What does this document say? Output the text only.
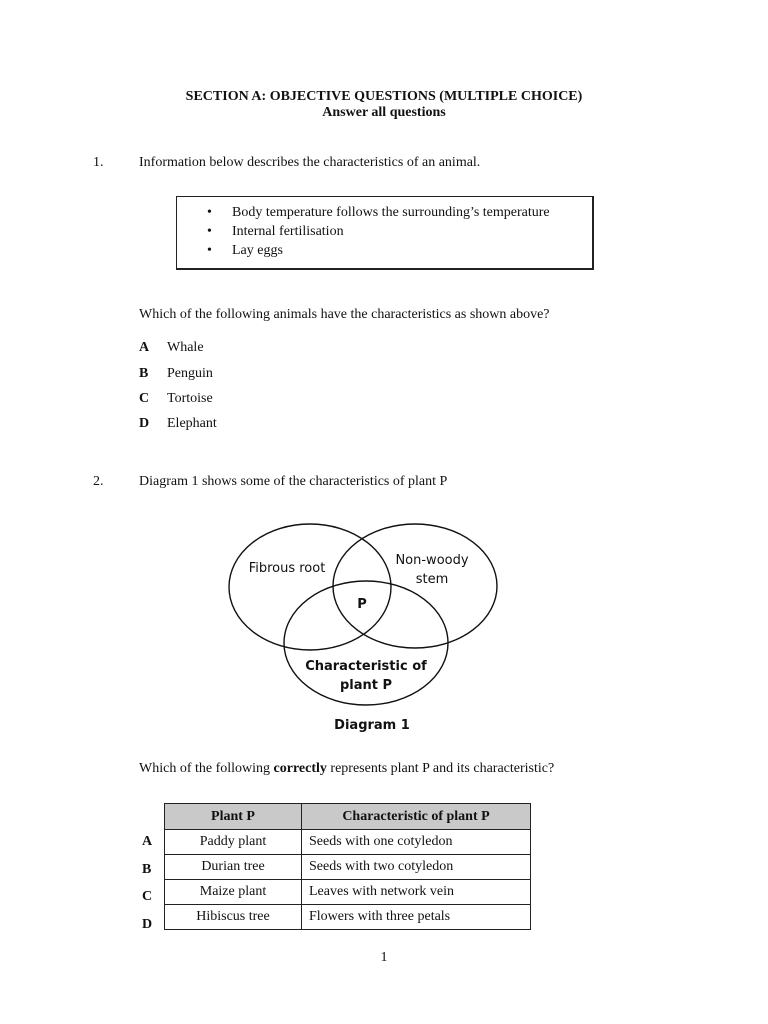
SECTION A: OBJECTIVE QUESTIONS (MULTIPLE CHOICE)
Answer all questions
1.	Information below describes the characteristics of an animal.
• Body temperature follows the surrounding’s temperature
• Internal fertilisation
• Lay eggs
Which of the following animals have the characteristics as shown above?
A Whale
B Penguin
C Tortoise
D Elephant
2.	Diagram 1 shows some of the characteristics of plant P
Fibrous root
Non-woody
stem
P
Characteristic of
plant P
Diagram 1
Which of the following correctly represents plant P and its characteristic?
Plant P	Characteristic of plant P
Paddy plant	Seeds with one cotyledon
Durian tree	Seeds with two cotyledon
Maize plant	Leaves with network vein
Hibiscus tree	Flowers with three petals
A
B
C
D
1
